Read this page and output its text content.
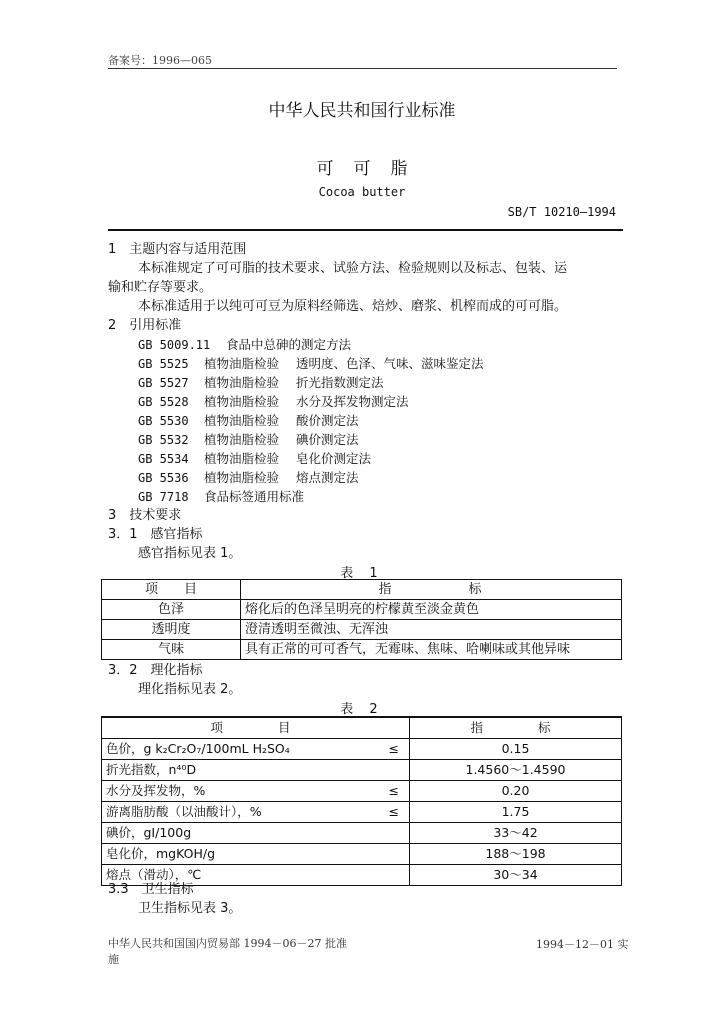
备案号：1996—065
中华人民共和国行业标准
可可脂
Cocoa butter
SB/T 10210—1994
1　主题内容与适用范围
本标准规定了可可脂的技术要求、试验方法、检验规则以及标志、包装、运
输和贮存等要求。
本标准适用于以纯可可豆为原料经筛选、焙炒、磨浆、机榨而成的可可脂。
2　引用标准
GB 5009.11 食品中总砷的测定方法
GB 5525 植物油脂检验 透明度、色泽、气味、滋味鉴定法
GB 5527 植物油脂检验 折光指数测定法
GB 5528 植物油脂检验 水分及挥发物测定法
GB 5530 植物油脂检验 酸价测定法
GB 5532 植物油脂检验 碘价测定法
GB 5534 植物油脂检验 皂化价测定法
GB 5536 植物油脂检验 熔点测定法
GB 7718 食品标签通用标准
3　技术要求
3．1　感官指标
感官指标见表 1。
表 1
项　　目	指　　　　　标
色泽	熔化后的色泽呈明亮的柠檬黄至淡金黄色
透明度	澄清透明至微浊、无浑浊
气味	具有正常的可可香气，无霉味、焦味、哈喇味或其他异味
3．2　理化指标
理化指标见表 2。
表 2
项　　目		指　　标
色价，g k₂Cr₂O₇/100mL H₂SO₄	≤	0.15
折光指数，n⁴⁰D		1.4560～1.4590
水分及挥发物，%	≤	0.20
游离脂肪酸（以油酸计），%	≤	1.75
碘价，gI/100g		33～42
皂化价，mgKOH/g		188～198
熔点（滑动），℃		30～34
3.3　卫生指标
卫生指标见表 3。
中华人民共和国国内贸易部 1994－06－27 批准
施
1994－12－01 实
